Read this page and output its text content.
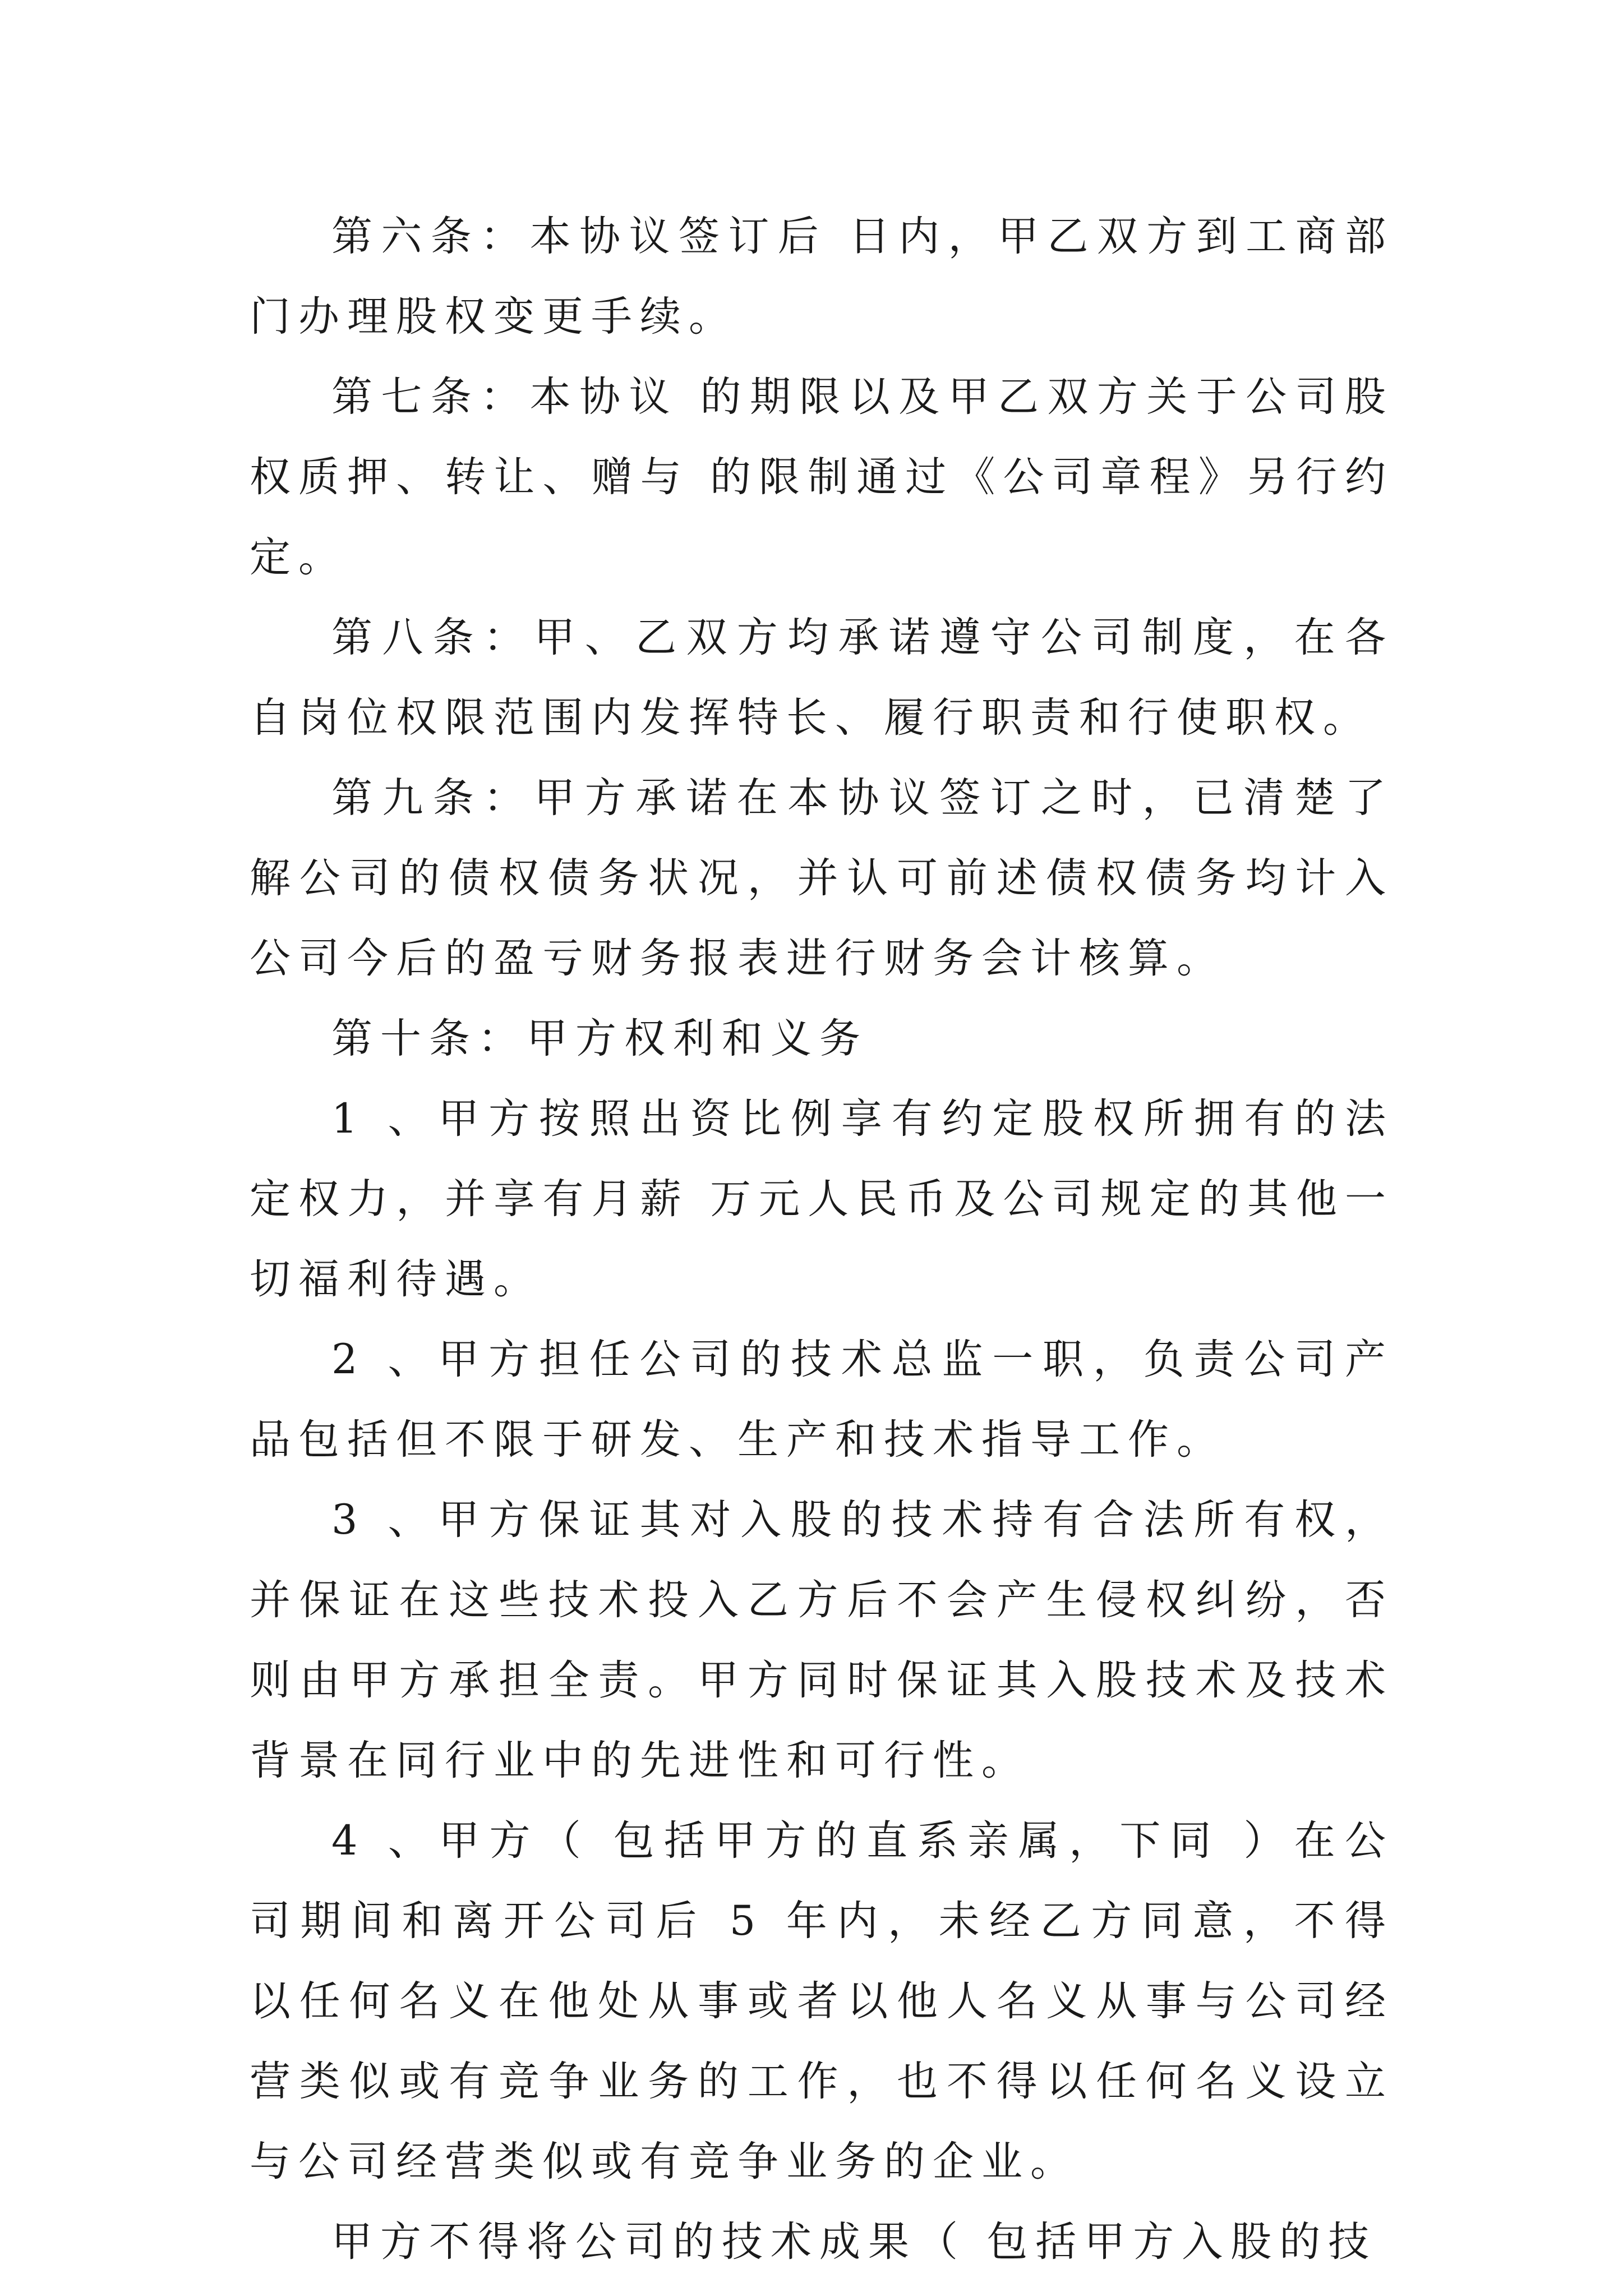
第六条：本协议签订后 日内，甲乙双方到工商部门办理股权变更手续。

第七条：本协议 的期限以及甲乙双方关于公司股权质押、转让、赠与 的限制通过《公司章程》另行约定。

第八条：甲、乙双方均承诺遵守公司制度，在各自岗位权限范围内发挥特长、履行职责和行使职权。

第九条：甲方承诺在本协议签订之时，已清楚了解公司的债权债务状况，并认可前述债权债务均计入公司今后的盈亏财务报表进行财务会计核算。

第十条：甲方权利和义务

1 、甲方按照出资比例享有约定股权所拥有的法定权力，并享有月薪 万元人民币及公司规定的其他一切福利待遇。

2 、甲方担任公司的技术总监一职，负责公司产品包括但不限于研发、生产和技术指导工作。

3 、甲方保证其对入股的技术持有合法所有权，并保证在这些技术投入乙方后不会产生侵权纠纷，否则由甲方承担全责。甲方同时保证其入股技术及技术背景在同行业中的先进性和可行性。

4 、甲方（ 包括甲方的直系亲属，下同 ）在公司期间和离开公司后 5 年内，未经乙方同意，不得以任何名义在他处从事或者以他人名义从事与公司经营类似或有竞争业务的工作，也不得以任何名义设立与公司经营类似或有竞争业务的企业。

甲方不得将公司的技术成果（ 包括甲方入股的技
